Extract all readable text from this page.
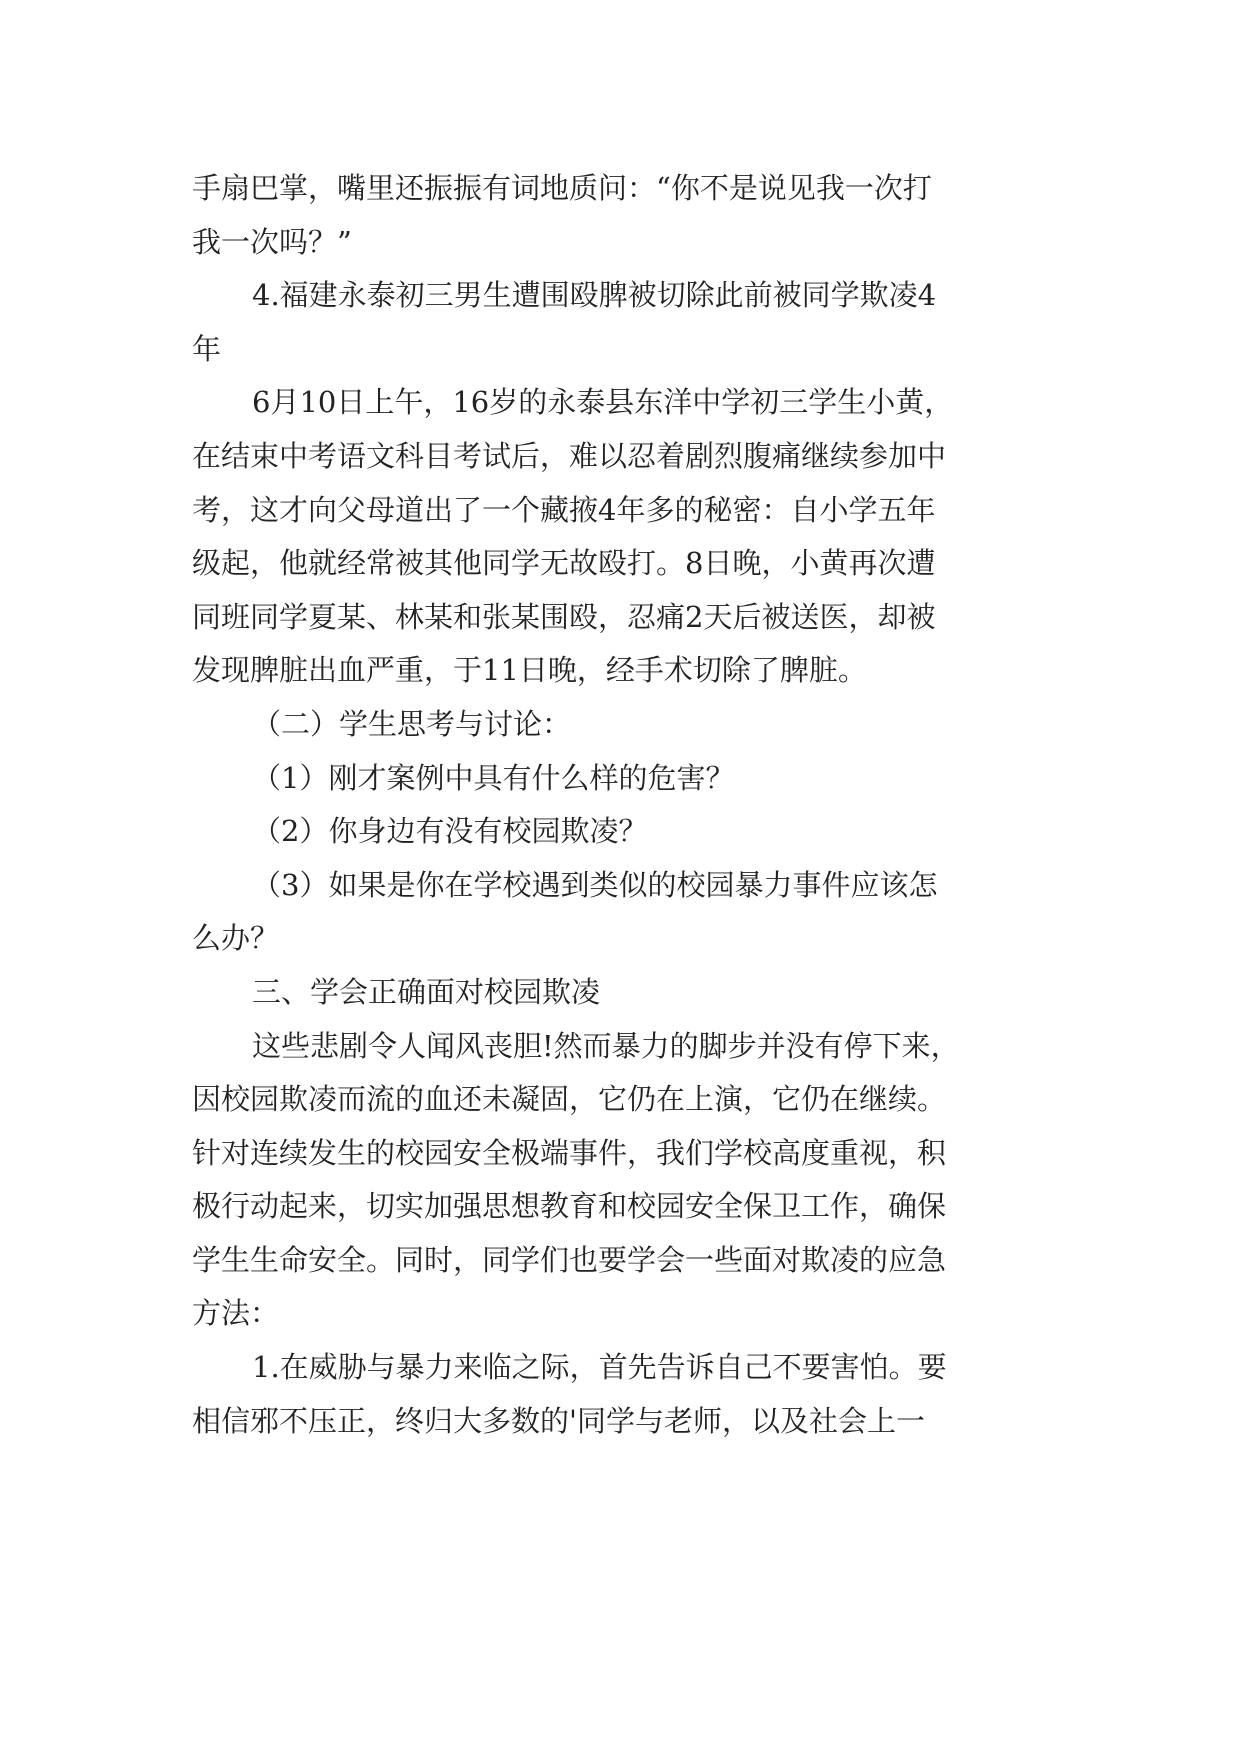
手扇巴掌，嘴里还振振有词地质问：“你不是说见我一次打
我一次吗？”
4.福建永泰初三男生遭围殴脾被切除此前被同学欺凌4
年
6月10日上午，16岁的永泰县东洋中学初三学生小黄，
在结束中考语文科目考试后，难以忍着剧烈腹痛继续参加中
考，这才向父母道出了一个藏掖4年多的秘密：自小学五年
级起，他就经常被其他同学无故殴打。8日晚，小黄再次遭
同班同学夏某、林某和张某围殴，忍痛2天后被送医，却被
发现脾脏出血严重，于11日晚，经手术切除了脾脏。
（二）学生思考与讨论：
（1）刚才案例中具有什么样的危害？
（2）你身边有没有校园欺凌？
（3）如果是你在学校遇到类似的校园暴力事件应该怎
么办？
三、学会正确面对校园欺凌
这些悲剧令人闻风丧胆!然而暴力的脚步并没有停下来，
因校园欺凌而流的血还未凝固，它仍在上演，它仍在继续。
针对连续发生的校园安全极端事件，我们学校高度重视，积
极行动起来，切实加强思想教育和校园安全保卫工作，确保
学生生命安全。同时，同学们也要学会一些面对欺凌的应急
方法：
1.在威胁与暴力来临之际，首先告诉自己不要害怕。要
相信邪不压正，终归大多数的'同学与老师，以及社会上一
